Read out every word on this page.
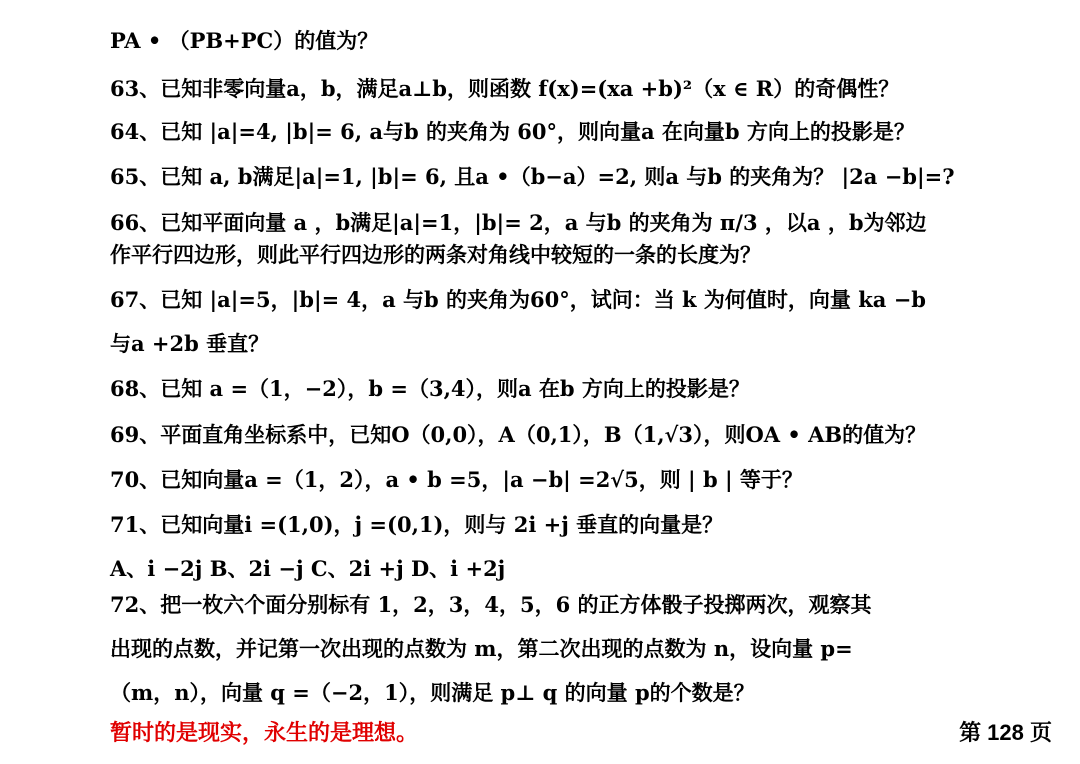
PA • （PB+PC）的值为？
63、已知非零向量a，b，满足a⊥b，则函数 f(x)=(xa +b)²（x ∈ R）的奇偶性？
64、已知 |a|=4, |b|= 6, a与b 的夹角为 60°，则向量a 在向量b 方向上的投影是？
65、已知 a, b满足|a|=1, |b|= 6, 且a •（b−a）=2, 则a 与b 的夹角为？ |2a −b|=?
66、已知平面向量 a ，b满足|a|=1，|b|= 2，a 与b 的夹角为 π/3 ，以a ，b为邻边
作平行四边形，则此平行四边形的两条对角线中较短的一条的长度为？
67、已知 |a|=5，|b|= 4，a 与b 的夹角为60°，试问：当 k 为何值时，向量 ka −b
与a +2b 垂直？
68、已知 a =（1，−2），b =（3,4），则a 在b 方向上的投影是？
69、平面直角坐标系中，已知O（0,0），A（0,1），B（1,√3），则OA • AB的值为？
70、已知向量a =（1，2），a • b =5，|a −b| =2√5，则 | b | 等于？
71、已知向量i =(1,0)，j =(0,1)，则与 2i +j 垂直的向量是？
A、i −2j B、2i −j C、2i +j D、i +2j
72、把一枚六个面分别标有 1，2，3，4，5，6 的正方体骰子投掷两次，观察其
出现的点数，并记第一次出现的点数为 m，第二次出现的点数为 n，设向量 p=
（m，n），向量 q =（−2，1），则满足 p⊥ q 的向量 p的个数是？
暂时的是现实，永生的是理想。	第 128 页
